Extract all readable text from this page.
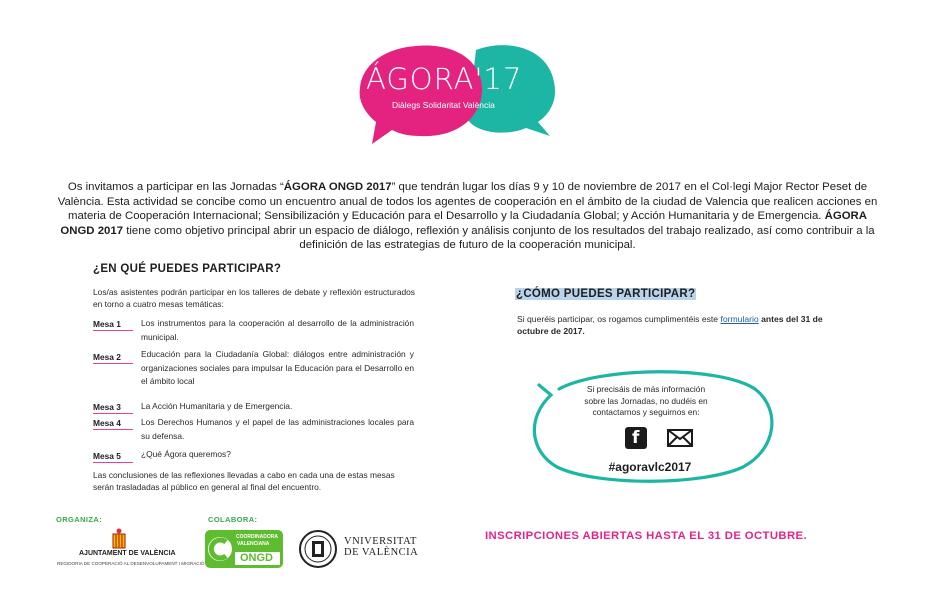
ÁGORA'17
Diàlegs Solidaritat València
Os invitamos a participar en las Jornadas “ÁGORA ONGD 2017” que tendrán lugar los días 9 y 10 de noviembre de 2017 en el Col·legi Major Rector Peset de València. Esta actividad se concibe como un encuentro anual de todos los agentes de cooperación en el ámbito de la ciudad de Valencia que realicen acciones en materia de Cooperación Internacional; Sensibilización y Educación para el Desarrollo y la Ciudadanía Global; y Acción Humanitaria y de Emergencia. ÁGORA ONGD 2017 tiene como objetivo principal abrir un espacio de diálogo, reflexión y análisis conjunto de los resultados del trabajo realizado, así como contribuir a la definición de las estrategias de futuro de la cooperación municipal.
¿EN QUÉ PUEDES PARTICIPAR?
Los/as asistentes podrán participar en los talleres de debate y reflexión estructurados en torno a cuatro mesas temáticas:
Mesa 1	Los instrumentos para la cooperación al desarrollo de la administración municipal.
Mesa 2	Educación para la Ciudadanía Global: diálogos entre administración y organizaciones sociales para impulsar la Educación para el Desarrollo en el ámbito local
Mesa 3	La Acción Humanitaria y de Emergencia.
Mesa 4	Los Derechos Humanos y el papel de las administraciones locales para su defensa.
Mesa 5	¿Qué Ágora queremos?
Las conclusiones de las reflexiones llevadas a cabo en cada una de estas mesas serán trasladadas al público en general al final del encuentro.
¿CÓMO PUEDES PARTICIPAR?
Si queréis participar, os rogamos cumplimentéis este formulario antes del 31 de octubre de 2017.
Si precisáis de más información sobre las Jornadas, no dudéis en contactarnos y seguirnos en:
f
#agoravlc2017
ORGANIZA:	COLABORA:
AJUNTAMENT DE VALÈNCIA
REGIDORIA DE COOPERACIÓ AL DESENVOLUPAMENT I MIGRACIÓ
COORDINADORA
VALENCIANA
ONGD
VNIVERSITAT
DE VALÈNCIA
INSCRIPCIONES ABIERTAS HASTA EL 31 DE OCTUBRE.
